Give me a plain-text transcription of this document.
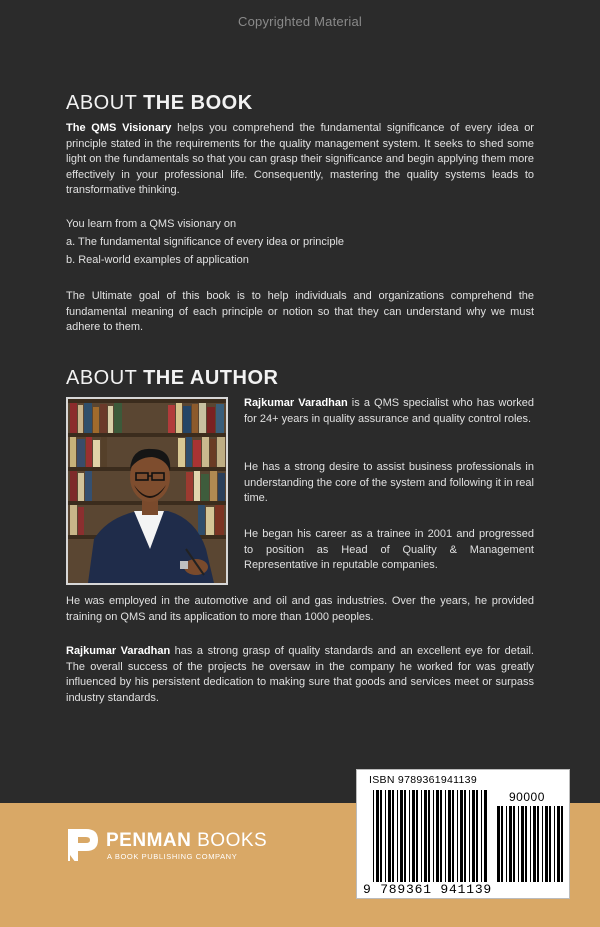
Copyrighted Material
ABOUT THE BOOK

The QMS Visionary helps you comprehend the fundamental significance of every idea or principle stated in the requirements for the quality management system. It seeks to shed some light on the fundamentals so that you can grasp their significance and begin applying them more effectively in your professional life. Consequently, mastering the quality systems leads to transformative thinking.

You learn from a QMS visionary on

a. The fundamental significance of every idea or principle

b. Real-world examples of application

The Ultimate goal of this book is to help individuals and organizations comprehend the fundamental meaning of each principle or notion so that they can understand why we must adhere to them.

ABOUT THE AUTHOR

Rajkumar Varadhan is a QMS specialist who has worked for 24+ years in quality assurance and quality control roles.

He has a strong desire to assist business professionals in understanding the core of the system and following it in real time.

He began his career as a trainee in 2001 and progressed to position as Head of Quality & Management Representative in reputable companies.

He was employed in the automotive and oil and gas industries. Over the years, he provided training on QMS and its application to more than 1000 peoples.

Rajkumar Varadhan has a strong grasp of quality standards and an excellent eye for detail. The overall success of the projects he oversaw in the company he worked for was greatly influenced by his persistent dedication to making sure that goods and services meet or surpass industry standards.

PENMAN BOOKS
A BOOK PUBLISHING COMPANY
ISBN 9789361941139
90000
9 789361 941139
